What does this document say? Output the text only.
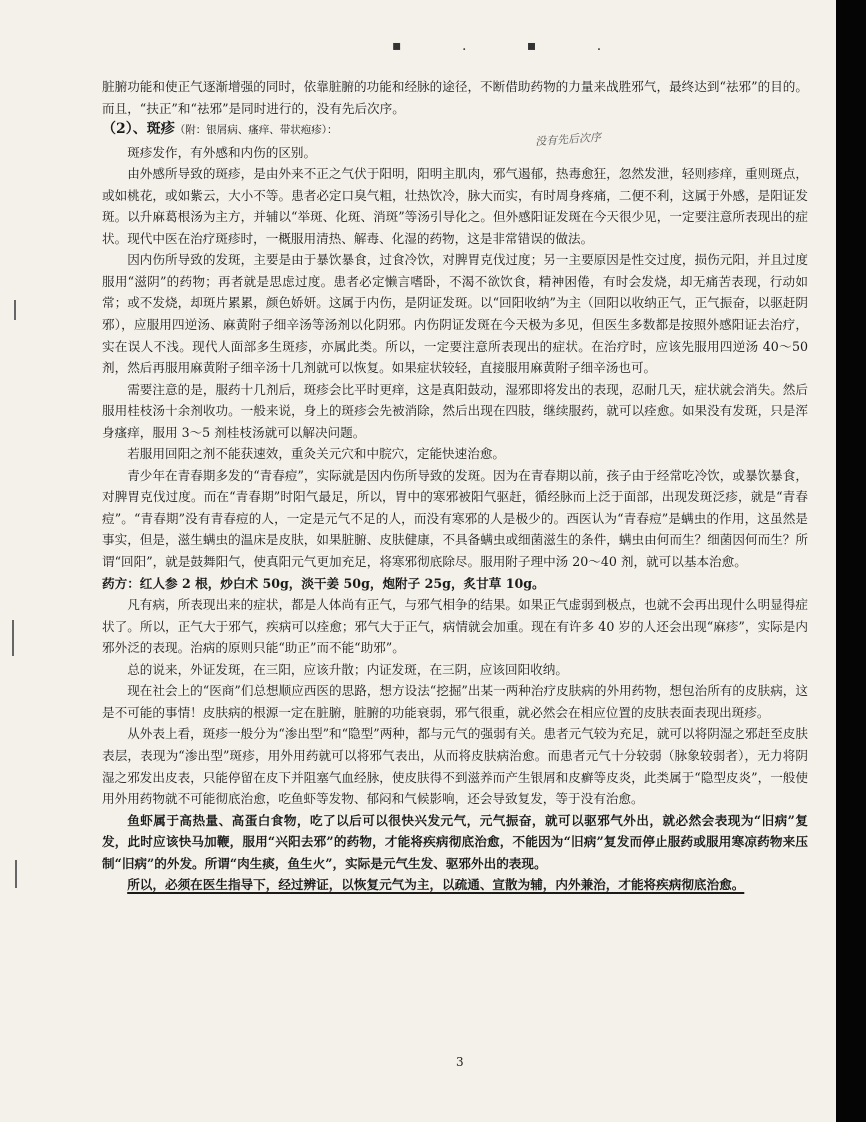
▪ . ▪ .
没有先后次序

脏腑功能和使正气逐渐增强的同时，依靠脏腑的功能和经脉的途径，不断借助药物的力量来战胜邪气，最终达到“祛邪”的目的。而且，“扶正”和“祛邪”是同时进行的，没有先后次序。

（2）、斑疹（附：银屑病、瘙痒、带状疱疹）：

斑疹发作，有外感和内伤的区别。

由外感所导致的斑疹，是由外来不正之气伏于阳明，阳明主肌肉，邪气遏郁，热毒愈狂，忽然发泄，轻则疹痒，重则斑点，或如桃花，或如紫云，大小不等。患者必定口臭气粗，壮热饮冷，脉大而实，有时周身疼痛，二便不利，这属于外感，是阳证发斑。以升麻葛根汤为主方，并辅以“举斑、化斑、消斑”等汤引导化之。但外感阳证发斑在今天很少见，一定要注意所表现出的症状。现代中医在治疗斑疹时，一概服用清热、解毒、化湿的药物，这是非常错误的做法。

因内伤所导致的发斑，主要是由于暴饮暴食，过食冷饮，对脾胃克伐过度；另一主要原因是性交过度，损伤元阳，并且过度服用“滋阴”的药物；再者就是思虑过度。患者必定懒言嗜卧，不渴不欲饮食，精神困倦，有时会发烧，却无痛苦表现，行动如常；或不发烧，却斑片累累，颜色娇妍。这属于内伤，是阴证发斑。以“回阳收纳”为主（回阳以收纳正气，正气振奋，以驱赶阴邪），应服用四逆汤、麻黄附子细辛汤等汤剂以化阴邪。内伤阴证发斑在今天极为多见，但医生多数都是按照外感阳证去治疗，实在误人不浅。现代人面部多生斑疹，亦属此类。所以，一定要注意所表现出的症状。在治疗时，应该先服用四逆汤 40～50 剂，然后再服用麻黄附子细辛汤十几剂就可以恢复。如果症状较轻，直接服用麻黄附子细辛汤也可。

需要注意的是，服药十几剂后，斑疹会比平时更痒，这是真阳鼓动，湿邪即将发出的表现，忍耐几天，症状就会消失。然后服用桂枝汤十余剂收功。一般来说，身上的斑疹会先被消除，然后出现在四肢，继续服药，就可以痊愈。如果没有发斑，只是浑身瘙痒，服用 3～5 剂桂枝汤就可以解决问题。

若服用回阳之剂不能获速效，重灸关元穴和中脘穴，定能快速治愈。

青少年在青春期多发的“青春痘”，实际就是因内伤所导致的发斑。因为在青春期以前，孩子由于经常吃冷饮，或暴饮暴食，对脾胃克伐过度。而在“青春期”时阳气最足，所以，胃中的寒邪被阳气驱赶，循经脉而上泛于面部，出现发斑泛疹，就是“青春痘”。“青春期”没有青春痘的人，一定是元气不足的人，而没有寒邪的人是极少的。西医认为“青春痘”是螨虫的作用，这虽然是事实，但是，滋生螨虫的温床是皮肤，如果脏腑、皮肤健康，不具备螨虫或细菌滋生的条件，螨虫由何而生？细菌因何而生？所谓“回阳”，就是鼓舞阳气，使真阳元气更加充足，将寒邪彻底除尽。服用附子理中汤 20～40 剂，就可以基本治愈。

药方：红人参 2 根，炒白术 50g，淡干姜 50g，炮附子 25g，炙甘草 10g。

凡有病，所表现出来的症状，都是人体尚有正气，与邪气相争的结果。如果正气虚弱到极点，也就不会再出现什么明显得症状了。所以，正气大于邪气，疾病可以痊愈；邪气大于正气，病情就会加重。现在有许多 40 岁的人还会出现“麻疹”，实际是内邪外泛的表现。治病的原则只能“助正”而不能“助邪”。

总的说来，外证发斑，在三阳，应该升散；内证发斑，在三阴，应该回阳收纳。

现在社会上的“医商”们总想顺应西医的思路，想方设法“挖掘”出某一两种治疗皮肤病的外用药物，想包治所有的皮肤病，这是不可能的事情！皮肤病的根源一定在脏腑，脏腑的功能衰弱，邪气很重，就必然会在相应位置的皮肤表面表现出斑疹。

从外表上看，斑疹一般分为“渗出型”和“隐型”两种，都与元气的强弱有关。患者元气较为充足，就可以将阴湿之邪赶至皮肤表层，表现为“渗出型”斑疹，用外用药就可以将邪气表出，从而将皮肤病治愈。而患者元气十分较弱（脉象较弱者），无力将阴湿之邪发出皮表，只能停留在皮下并阻塞气血经脉，使皮肤得不到滋养而产生银屑和皮癣等皮炎，此类属于“隐型皮炎”，一般使用外用药物就不可能彻底治愈，吃鱼虾等发物、郁闷和气候影响，还会导致复发，等于没有治愈。

鱼虾属于高热量、高蛋白食物，吃了以后可以很快兴发元气，元气振奋，就可以驱邪气外出，就必然会表现为“旧病”复发，此时应该快马加鞭，服用“兴阳去邪”的药物，才能将疾病彻底治愈，不能因为“旧病”复发而停止服药或服用寒凉药物来压制“旧病”的外发。所谓“肉生痰，鱼生火”，实际是元气生发、驱邪外出的表现。

所以，必须在医生指导下，经过辨证，以恢复元气为主，以疏通、宣散为辅，内外兼治，才能将疾病彻底治愈。

3
